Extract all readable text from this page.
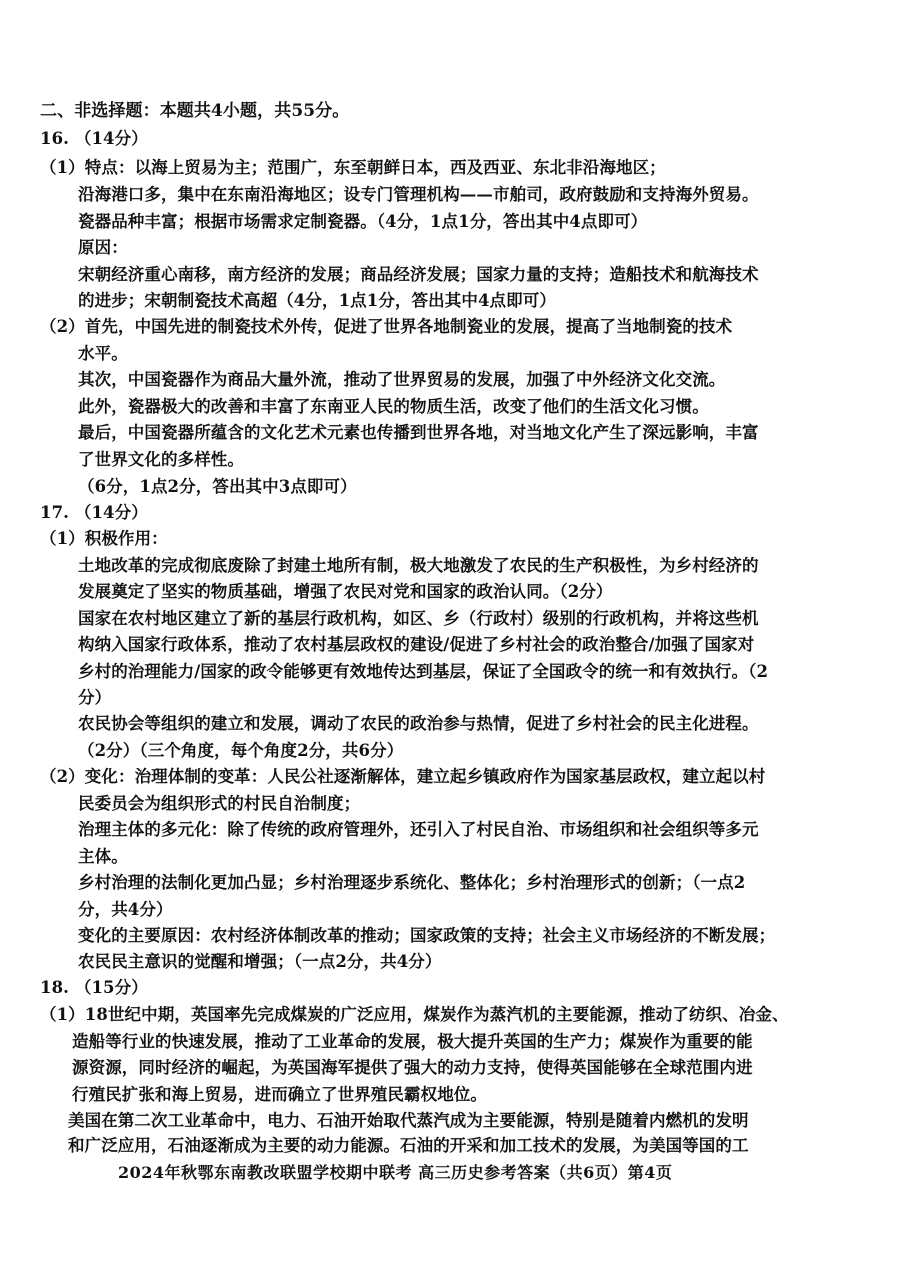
二、非选择题：本题共4小题，共55分。
16. （14分）
（1）特点：以海上贸易为主；范围广，东至朝鲜日本，西及西亚、东北非沿海地区；
沿海港口多，集中在东南沿海地区；设专门管理机构——市舶司，政府鼓励和支持海外贸易。
瓷器品种丰富；根据市场需求定制瓷器。（4分，1点1分，答出其中4点即可）
原因：
宋朝经济重心南移，南方经济的发展；商品经济发展；国家力量的支持；造船技术和航海技术
的进步；宋朝制瓷技术高超（4分，1点1分，答出其中4点即可）
（2）首先，中国先进的制瓷技术外传，促进了世界各地制瓷业的发展，提高了当地制瓷的技术
水平。
其次，中国瓷器作为商品大量外流，推动了世界贸易的发展，加强了中外经济文化交流。
此外，瓷器极大的改善和丰富了东南亚人民的物质生活，改变了他们的生活文化习惯。
最后，中国瓷器所蕴含的文化艺术元素也传播到世界各地，对当地文化产生了深远影响，丰富
了世界文化的多样性。
（6分，1点2分，答出其中3点即可）
17. （14分）
（1）积极作用：
土地改革的完成彻底废除了封建土地所有制，极大地激发了农民的生产积极性，为乡村经济的
发展奠定了坚实的物质基础，增强了农民对党和国家的政治认同。（2分）
国家在农村地区建立了新的基层行政机构，如区、乡（行政村）级别的行政机构，并将这些机
构纳入国家行政体系，推动了农村基层政权的建设/促进了乡村社会的政治整合/加强了国家对
乡村的治理能力/国家的政令能够更有效地传达到基层，保证了全国政令的统一和有效执行。（2
分）
农民协会等组织的建立和发展，调动了农民的政治参与热情，促进了乡村社会的民主化进程。
（2分）（三个角度，每个角度2分，共6分）
（2）变化：治理体制的变革：人民公社逐渐解体，建立起乡镇政府作为国家基层政权，建立起以村
民委员会为组织形式的村民自治制度；
治理主体的多元化：除了传统的政府管理外，还引入了村民自治、市场组织和社会组织等多元
主体。
乡村治理的法制化更加凸显；乡村治理逐步系统化、整体化；乡村治理形式的创新；（一点2
分，共4分）
变化的主要原因：农村经济体制改革的推动；国家政策的支持；社会主义市场经济的不断发展；
农民民主意识的觉醒和增强；（一点2分，共4分）
18. （15分）
（1）18世纪中期，英国率先完成煤炭的广泛应用，煤炭作为蒸汽机的主要能源，推动了纺织、冶金、
造船等行业的快速发展，推动了工业革命的发展，极大提升英国的生产力；煤炭作为重要的能
源资源，同时经济的崛起，为英国海军提供了强大的动力支持，使得英国能够在全球范围内进
行殖民扩张和海上贸易，进而确立了世界殖民霸权地位。
美国在第二次工业革命中，电力、石油开始取代蒸汽成为主要能源，特别是随着内燃机的发明
和广泛应用，石油逐渐成为主要的动力能源。石油的开采和加工技术的发展，为美国等国的工
2024年秋鄂东南教改联盟学校期中联考 高三历史参考答案（共6页）第4页
